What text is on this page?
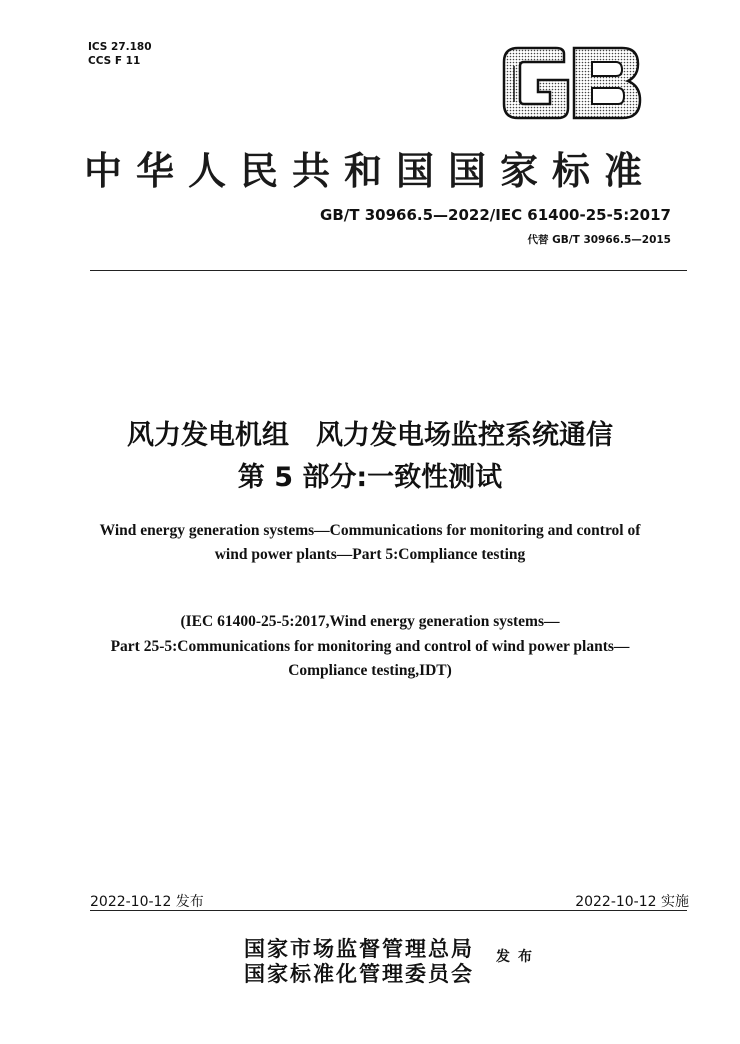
ICS 27.180
CCS F 11
中华人民共和国国家标准
GB/T 30966.5—2022/IEC 61400-25-5:2017
代替 GB/T 30966.5—2015
风力发电机组　风力发电场监控系统通信
第 5 部分:一致性测试
Wind energy generation systems—Communications for monitoring and control of
wind power plants—Part 5:Compliance testing
(IEC 61400-25-5:2017,Wind energy generation systems—
Part 25-5:Communications for monitoring and control of wind power plants—
Compliance testing,IDT)
2022-10-12 发布	2022-10-12 实施
国家市场监督管理总局
国家标准化管理委员会
发布
